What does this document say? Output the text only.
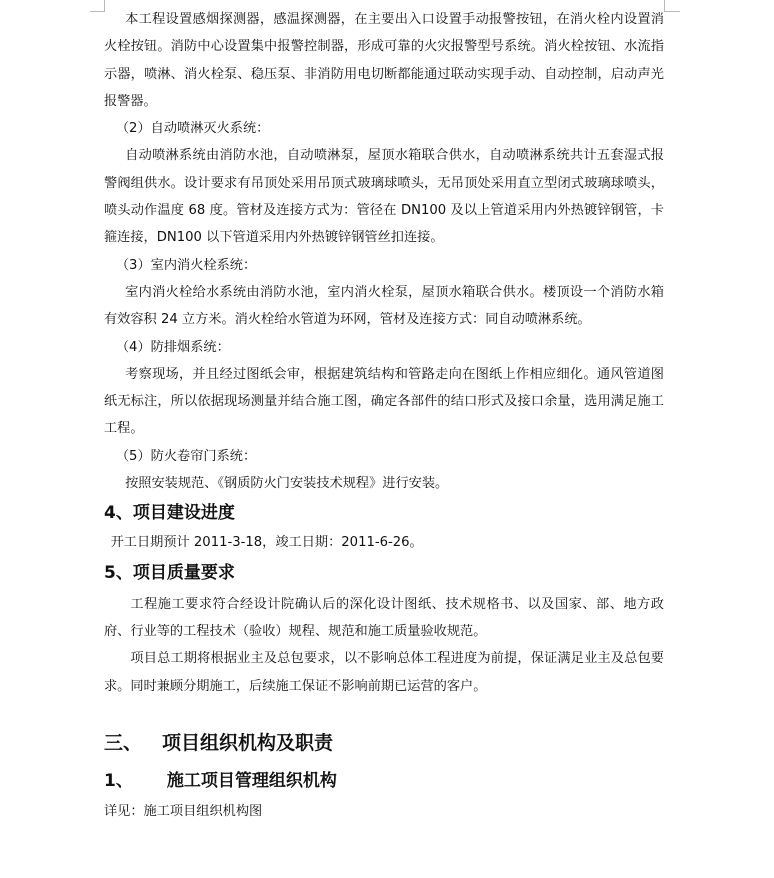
本工程设置感烟探测器，感温探测器，在主要出入口设置手动报警按钮，在消火栓内设置消火栓按钮。消防中心设置集中报警控制器，形成可靠的火灾报警型号系统。消火栓按钮、水流指示器，喷淋、消火栓泵、稳压泵、非消防用电切断都能通过联动实现手动、自动控制，启动声光报警器。

（2）自动喷淋灭火系统：

自动喷淋系统由消防水池，自动喷淋泵，屋顶水箱联合供水，自动喷淋系统共计五套湿式报警阀组供水。设计要求有吊顶处采用吊顶式玻璃球喷头，无吊顶处采用直立型闭式玻璃球喷头，喷头动作温度 68 度。管材及连接方式为：管径在 DN100 及以上管道采用内外热镀锌钢管，卡箍连接，DN100 以下管道采用内外热镀锌钢管丝扣连接。

（3）室内消火栓系统：

室内消火栓给水系统由消防水池，室内消火栓泵，屋顶水箱联合供水。楼顶设一个消防水箱有效容积 24 立方米。消火栓给水管道为环网，管材及连接方式：同自动喷淋系统。

（4）防排烟系统：

考察现场，并且经过图纸会审，根据建筑结构和管路走向在图纸上作相应细化。通风管道图纸无标注，所以依据现场测量并结合施工图，确定各部件的结口形式及接口余量，选用满足施工工程。

（5）防火卷帘门系统：

按照安装规范、《钢质防火门安装技术规程》进行安装。

4、项目建设进度

开工日期预计 2011-3-18，竣工日期：2011-6-26。

5、项目质量要求

工程施工要求符合经设计院确认后的深化设计图纸、技术规格书、以及国家、部、地方政府、行业等的工程技术（验收）规程、规范和施工质量验收规范。

项目总工期将根据业主及总包要求，以不影响总体工程进度为前提，保证满足业主及总包要求。同时兼顾分期施工，后续施工保证不影响前期已运营的客户。

三、 项目组织机构及职责

1、 施工项目管理组织机构

详见：施工项目组织机构图
